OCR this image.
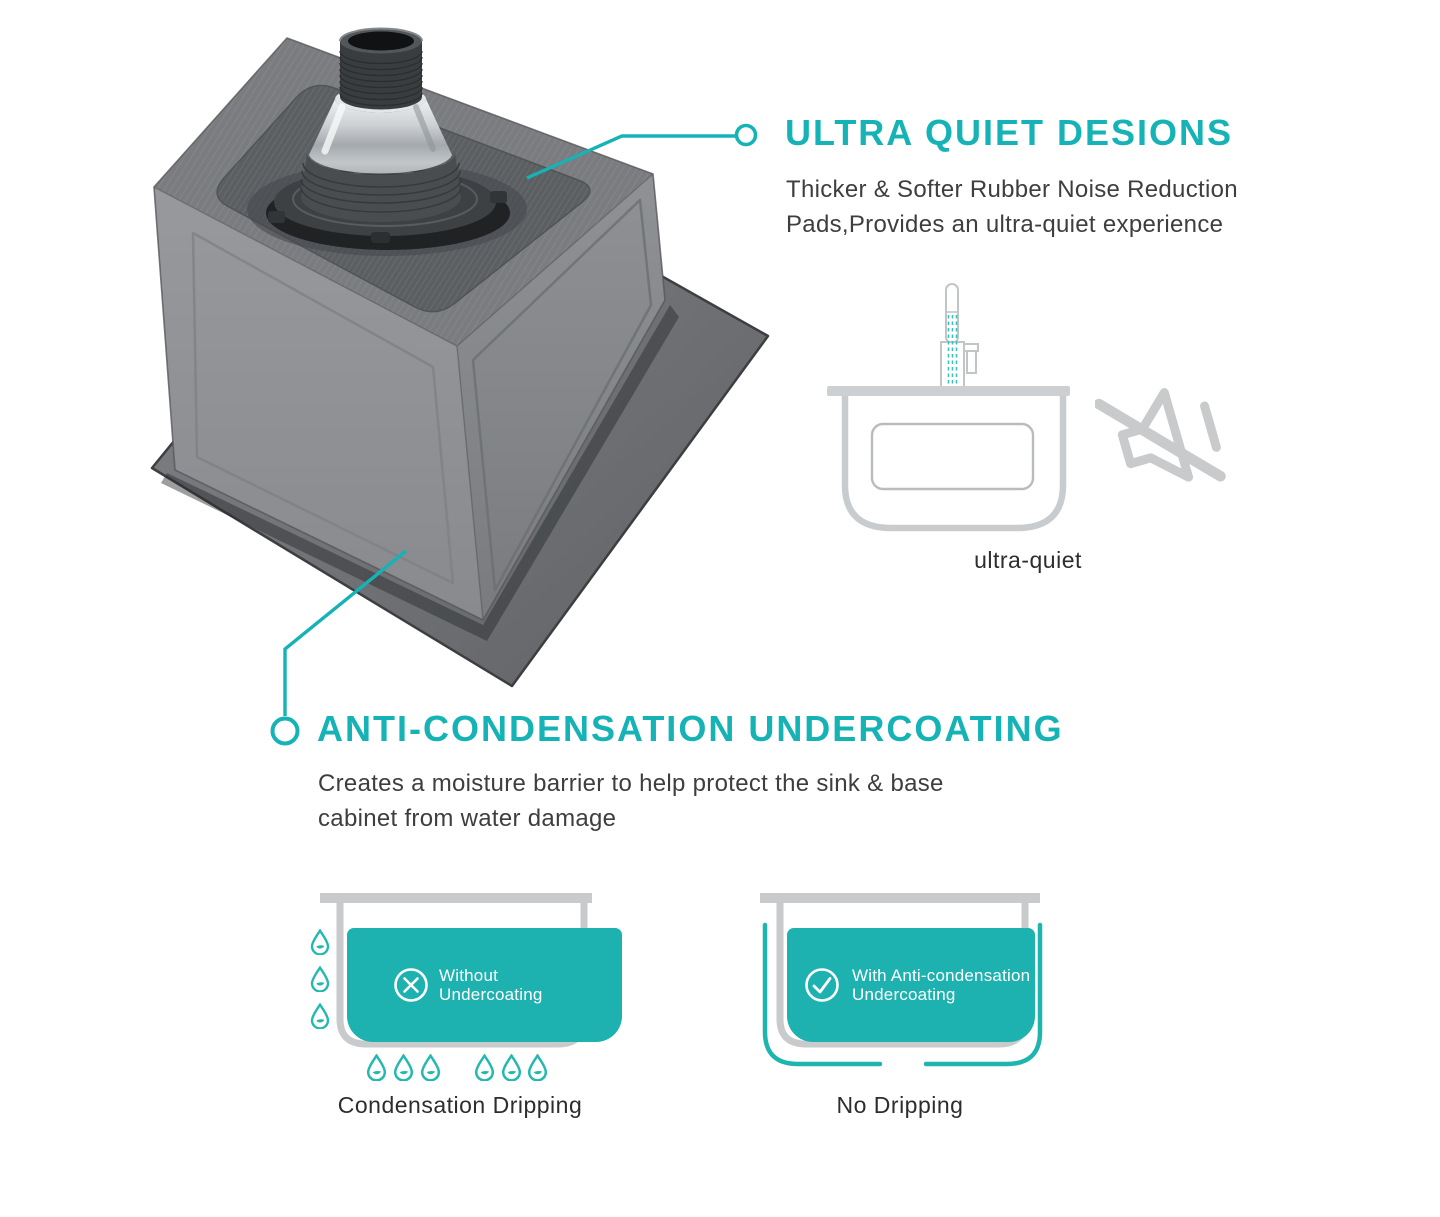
ULTRA QUIET DESIONS
Thicker & Softer Rubber Noise Reduction
Pads,Provides an ultra-quiet experience
ultra-quiet
ANTI-CONDENSATION UNDERCOATING
Creates a moisture barrier to help protect the sink & base
cabinet from water damage
Without
Undercoating
Condensation Dripping
With Anti-condensation
Undercoating
No Dripping
